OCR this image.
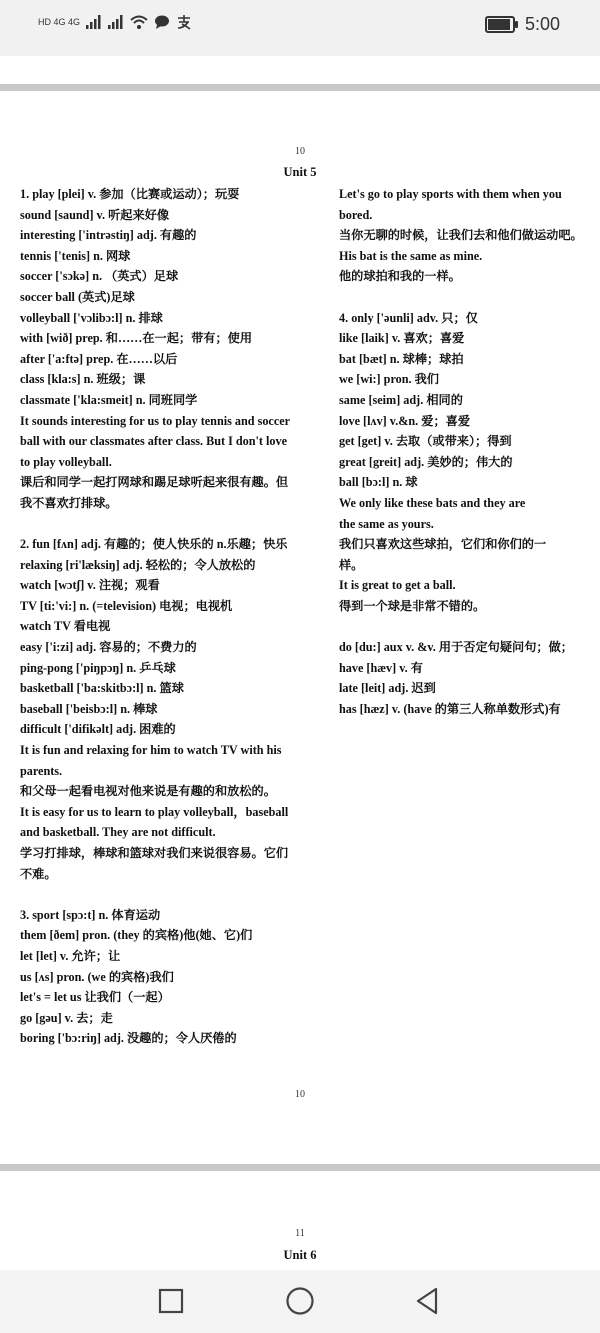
HD 4G 4G	5:00
10
Unit 5
1. play [plei] v. 参加（比赛或运动）；玩耍
sound [saund] v. 听起来好像
interesting ['intrəstiŋ] adj. 有趣的
tennis ['tenis] n. 网球
soccer ['sɔkə] n. （英式）足球
soccer ball (英式)足球
volleyball ['vɔlibɔ:l] n. 排球
with [wið] prep. 和……在一起；带有；使用
after ['a:ftə] prep. 在……以后
class [kla:s] n. 班级；课
classmate ['kla:smeit] n. 同班同学
It sounds interesting for us to play tennis and soccer
ball with our classmates after class. But I don't love
to play volleyball.
课后和同学一起打网球和踢足球听起来很有趣。但
我不喜欢打排球。
2. fun [fʌn] adj. 有趣的；使人快乐的 n.乐趣；快乐
relaxing [ri'læksiŋ] adj. 轻松的；令人放松的
watch [wɔtʃ] v. 注视；观看
TV [ti:'vi:] n. (=television) 电视；电视机
watch TV 看电视
easy ['i:zi] adj. 容易的；不费力的
ping-pong ['piŋpɔŋ] n. 乒乓球
basketball ['ba:skitbɔ:l] n. 篮球
baseball ['beisbɔ:l] n. 棒球
difficult ['difikəlt] adj. 困难的
It is fun and relaxing for him to watch TV with his
parents.
和父母一起看电视对他来说是有趣的和放松的。
It is easy for us to learn to play volleyball，baseball
and basketball. They are not difficult.
学习打排球，棒球和篮球对我们来说很容易。它们
不难。
3. sport [spɔ:t] n. 体育运动
them [ðem] pron. (they 的宾格)他(她、它)们
let [let] v. 允许；让
us [ʌs] pron. (we 的宾格)我们
let's = let us 让我们（一起）
go [gəu] v. 去；走
boring ['bɔ:riŋ] adj. 没趣的；令人厌倦的
Let's go to play sports with them when you
bored.
当你无聊的时候，让我们去和他们做运动吧。
His bat is the same as mine.
他的球拍和我的一样。
4. only ['əunli] adv. 只；仅
like [laik] v. 喜欢；喜爱
bat [bæt] n. 球棒；球拍
we [wi:] pron. 我们
same [seim] adj. 相同的
love [lʌv] v.&n. 爱；喜爱
get [get] v. 去取（或带来）；得到
great [greit] adj. 美妙的；伟大的
ball [bɔ:l] n. 球
We only like these bats and they are
the same as yours.
我们只喜欢这些球拍，它们和你们的一
样。
It is great to get a ball.
得到一个球是非常不错的。
do [du:] aux v. &v. 用于否定句疑问句；做；
have [hæv] v. 有
late [leit] adj. 迟到
has [hæz] v. (have 的第三人称单数形式)有
10
11
Unit 6
